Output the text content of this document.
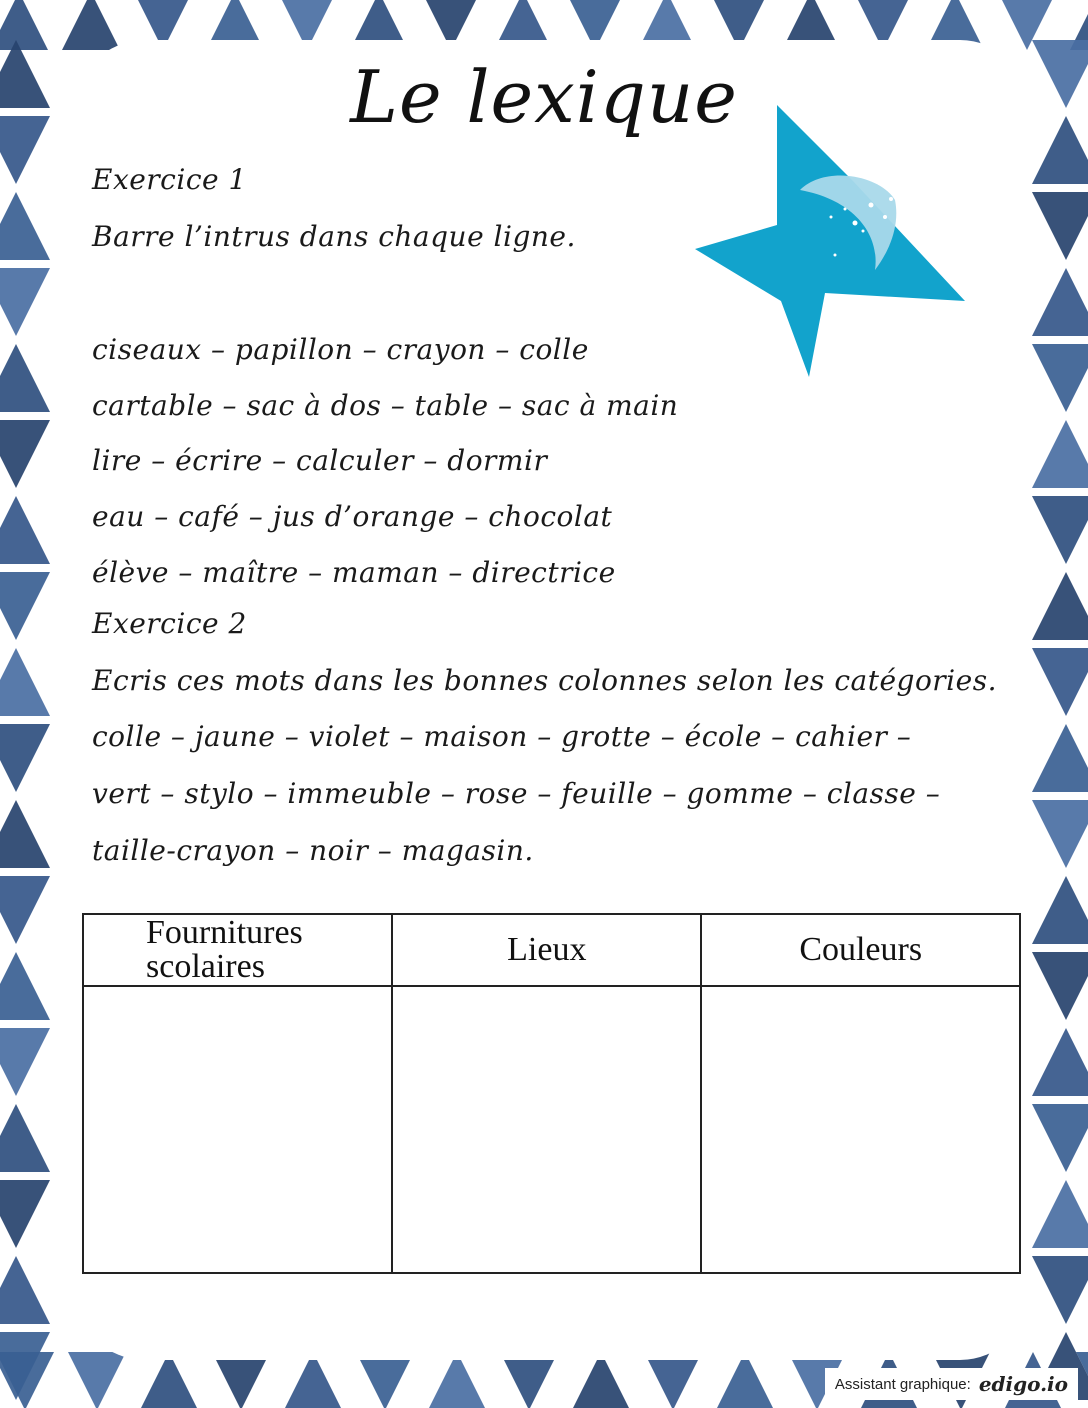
Le lexique
Exercice 1
Barre l’intrus dans chaque ligne.
ciseaux – papillon – crayon – colle
cartable – sac à dos – table – sac à main
lire – écrire – calculer – dormir
eau – café – jus d’orange – chocolat
élève – maître – maman – directrice
Exercice 2
Ecris ces mots dans les bonnes colonnes selon les catégories.
colle – jaune – violet – maison – grotte – école – cahier –
vert – stylo – immeuble – rose – feuille – gomme – classe –
taille-crayon – noir – magasin.
Fournitures scolaires	Lieux	Couleurs

Assistant graphique: edigo.io
